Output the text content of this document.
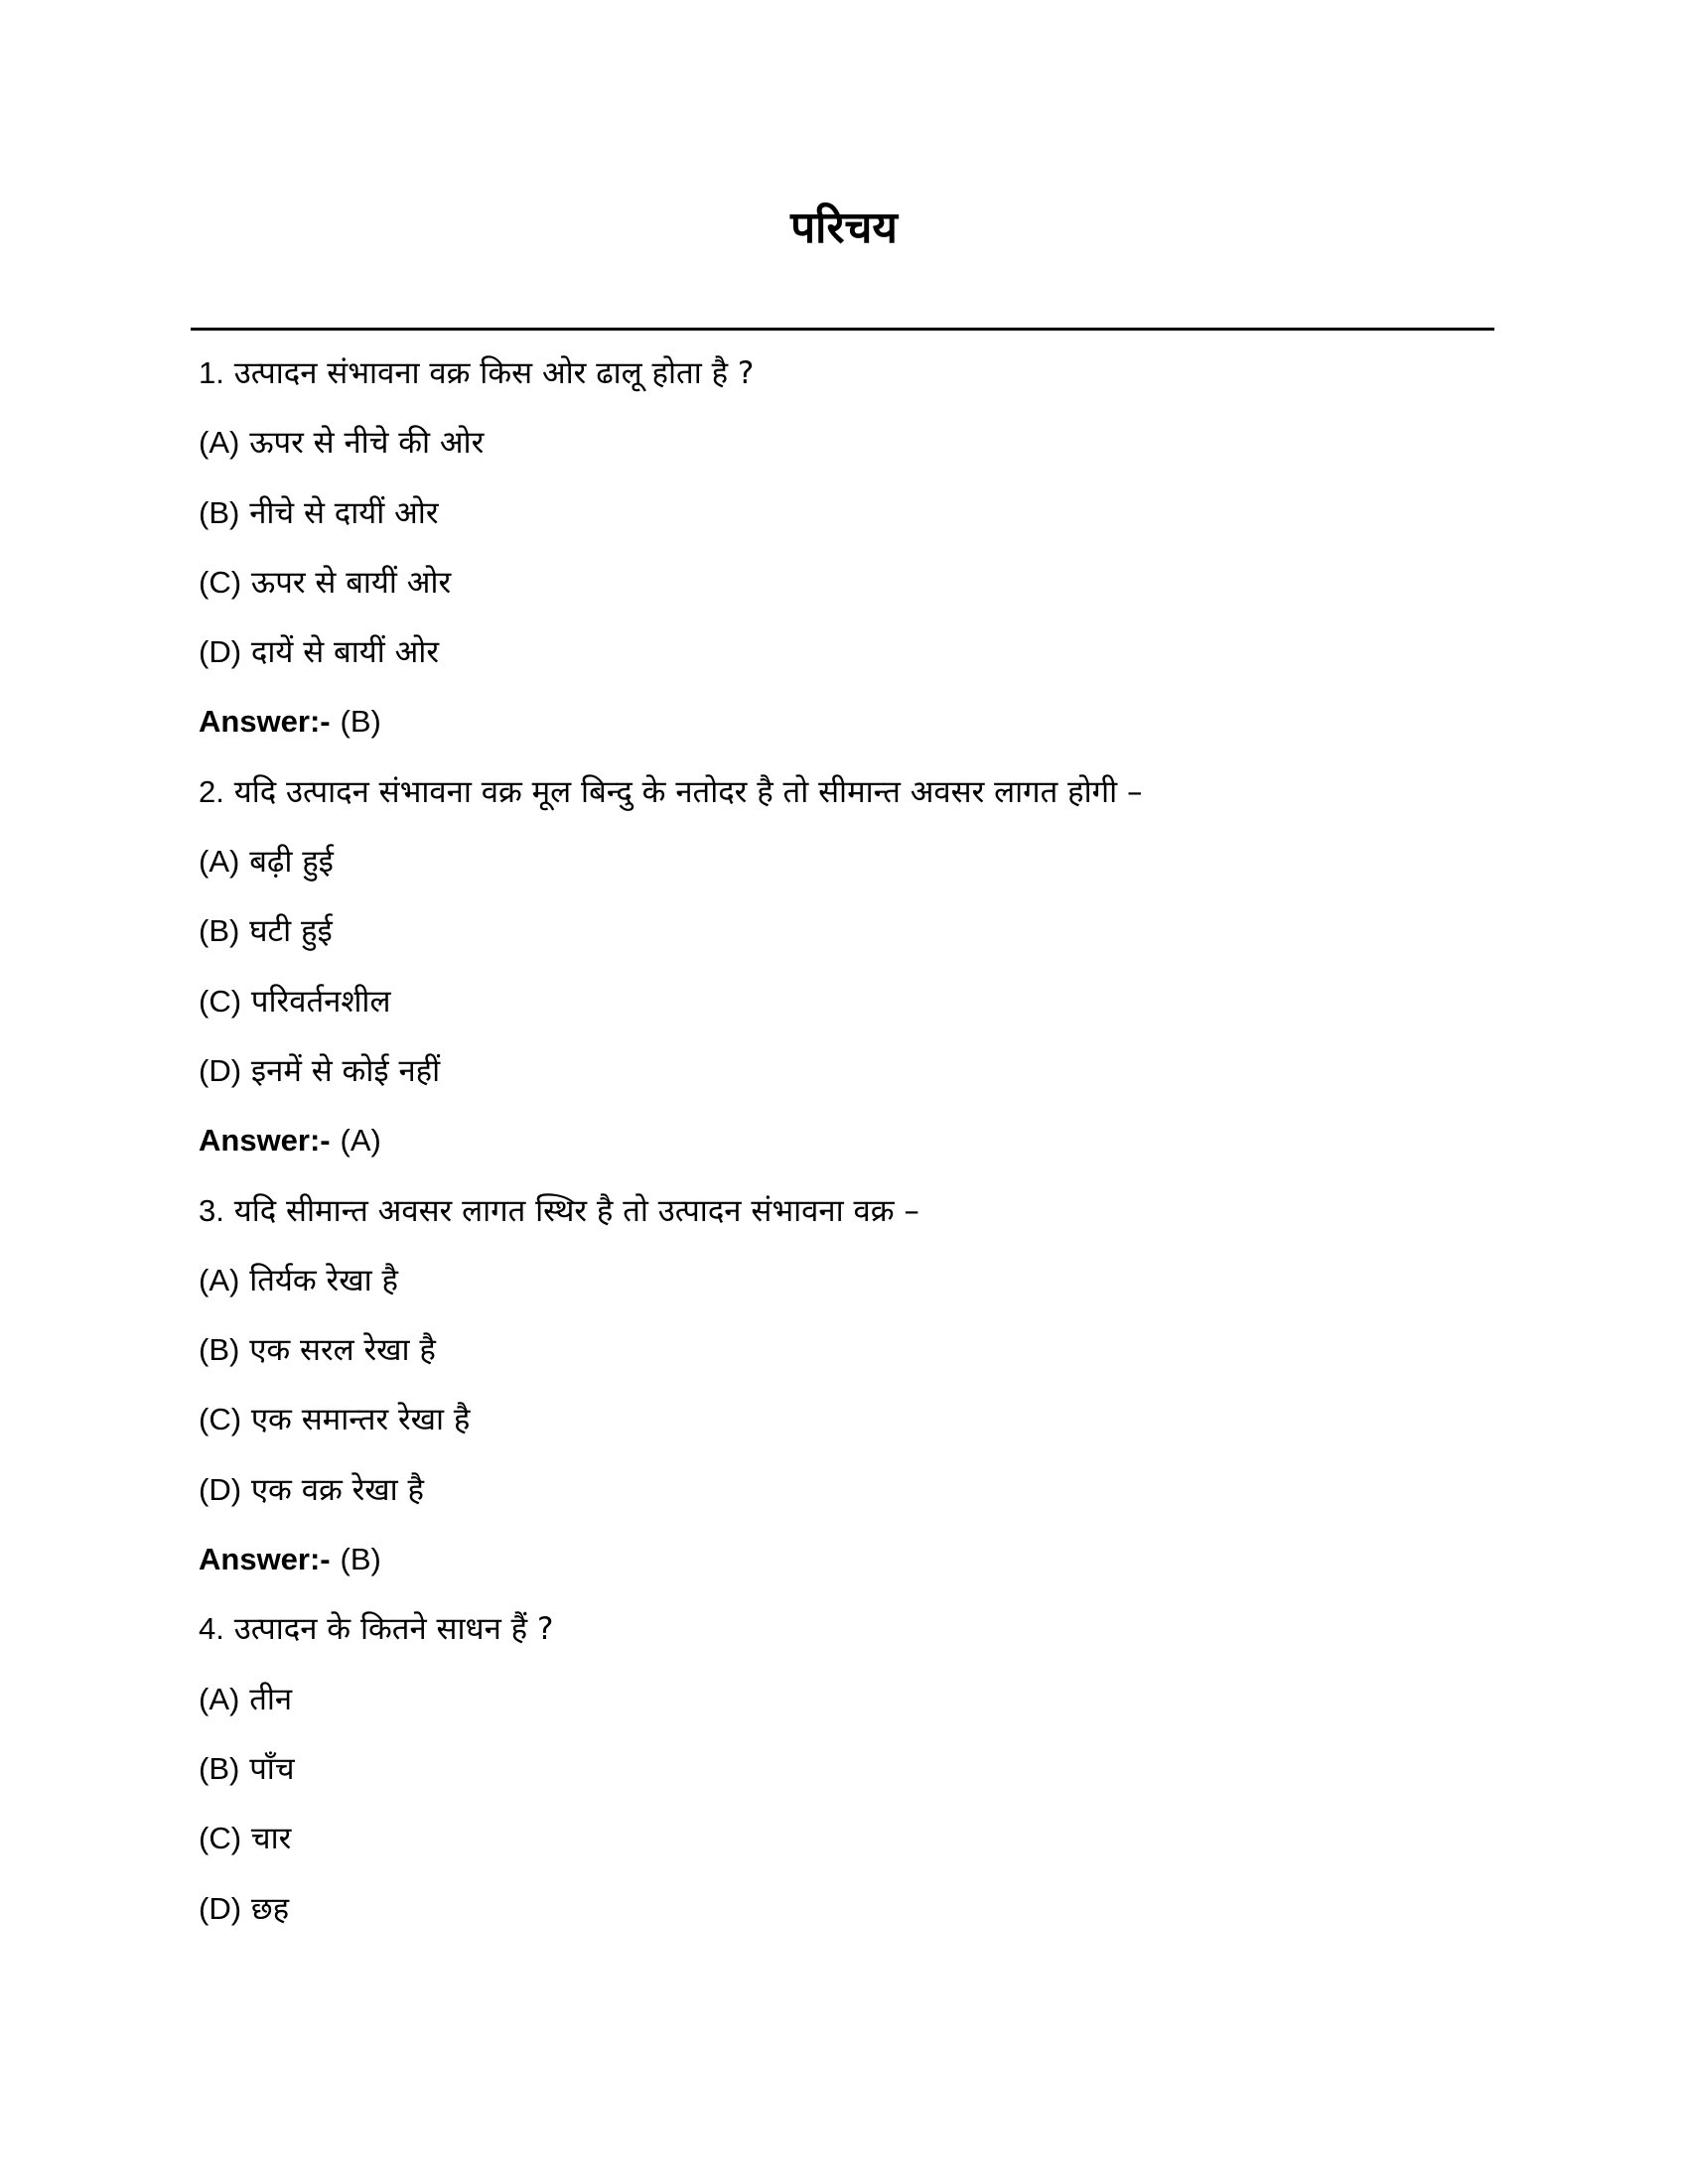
परिचय
1. उत्पादन संभावना वक्र किस ओर ढालू होता है ?
(A) ऊपर से नीचे की ओर
(B) नीचे से दायीं ओर
(C) ऊपर से बायीं ओर
(D) दायें से बायीं ओर
Answer:- (B)
2. यदि उत्पादन संभावना वक्र मूल बिन्दु के नतोदर है तो सीमान्त अवसर लागत होगी –
(A) बढ़ी हुई
(B) घटी हुई
(C) परिवर्तनशील
(D) इनमें से कोई नहीं
Answer:- (A)
3. यदि सीमान्त अवसर लागत स्थिर है तो उत्पादन संभावना वक्र –
(A) तिर्यक रेखा है
(B) एक सरल रेखा है
(C) एक समान्तर रेखा है
(D) एक वक्र रेखा है
Answer:- (B)
4. उत्पादन के कितने साधन हैं ?
(A) तीन
(B) पाँच
(C) चार
(D) छह
